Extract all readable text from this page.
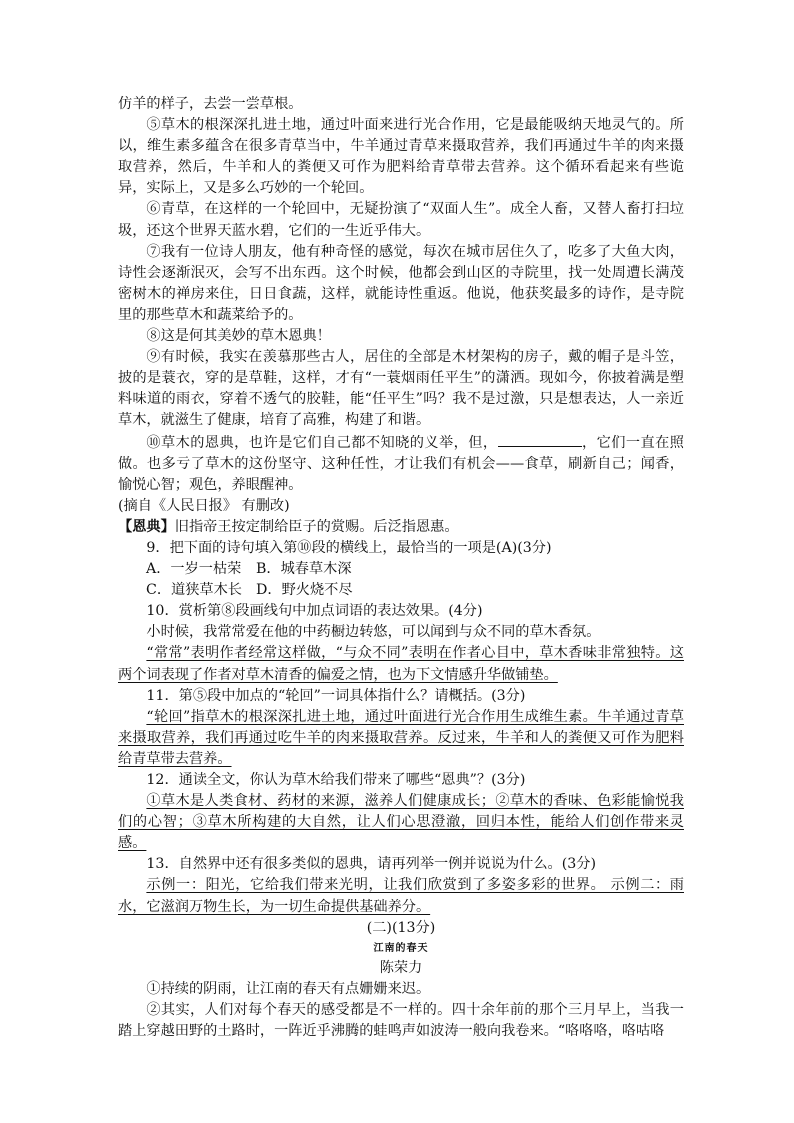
仿羊的样子，去尝一尝草根。

⑤草木的根深深扎进土地，通过叶面来进行光合作用，它是最能吸纳天地灵气的。所以，维生素多蕴含在很多青草当中，牛羊通过青草来摄取营养，我们再通过牛羊的肉来摄取营养，然后，牛羊和人的粪便又可作为肥料给青草带去营养。这个循环看起来有些诡异，实际上，又是多么巧妙的一个轮回。

⑥青草，在这样的一个轮回中，无疑扮演了“双面人生”。成全人畜，又替人畜打扫垃圾，还这个世界天蓝水碧，它们的一生近乎伟大。

⑦我有一位诗人朋友，他有种奇怪的感觉，每次在城市居住久了，吃多了大鱼大肉，诗性会逐渐泯灭，会写不出东西。这个时候，他都会到山区的寺院里，找一处周遭长满茂密树木的禅房来住，日日食蔬，这样，就能诗性重返。他说，他获奖最多的诗作，是寺院里的那些草木和蔬菜给予的。

⑧这是何其美妙的草木恩典！

⑨有时候，我实在羡慕那些古人，居住的全部是木材架构的房子，戴的帽子是斗笠，披的是蓑衣，穿的是草鞋，这样，才有“一蓑烟雨任平生”的潇洒。现如今，你披着满是塑料味道的雨衣，穿着不透气的胶鞋，能“任平生”吗？我不是过激，只是想表达，人一亲近草木，就滋生了健康，培育了高雅，构建了和谐。

⑩草木的恩典，也许是它们自己都不知晓的义举，但，	，它们一直在照做。也多亏了草木的这份坚守、这种任性，才让我们有机会——食草，刷新自己；闻香，愉悦心智；观色，养眼醒神。

(摘自《人民日报》 有删改)

【恩典】旧指帝王按定制给臣子的赏赐。后泛指恩惠。

9．把下面的诗句填入第⑩段的横线上，最恰当的一项是(A)(3分)

A．一岁一枯荣	B．城春草木深
C．道狭草木长 D．野火烧不尽

10．赏析第⑧段画线句中加点词语的表达效果。(4分)

小时候，我常常爱在他的中药橱边转悠，可以闻到与众不同的草木香氛。

“常常”表明作者经常这样做，“与众不同”表明在作者心目中，草木香味非常独特。这两个词表现了作者对草木清香的偏爱之情，也为下文情感升华做铺垫。

11．第⑤段中加点的“轮回”一词具体指什么？请概括。(3分)

“轮回”指草木的根深深扎进土地，通过叶面进行光合作用生成维生素。牛羊通过青草来摄取营养，我们再通过吃牛羊的肉来摄取营养。反过来，牛羊和人的粪便又可作为肥料给青草带去营养。

12．通读全文，你认为草木给我们带来了哪些“恩典”？(3分)

①草木是人类食材、药材的来源，滋养人们健康成长；②草木的香味、色彩能愉悦我们的心智；③草木所构建的大自然，让人们心思澄澈，回归本性，能给人们创作带来灵感。

13．自然界中还有很多类似的恩典，请再列举一例并说说为什么。(3分)

示例一：阳光，它给我们带来光明，让我们欣赏到了多姿多彩的世界。 示例二：雨水，它滋润万物生长，为一切生命提供基础养分。

(二)(13分)

江南的春天

陈荣力

①持续的阴雨，让江南的春天有点姗姗来迟。

②其实，人们对每个春天的感受都是不一样的。四十余年前的那个三月早上，当我一踏上穿越田野的土路时，一阵近乎沸腾的蛙鸣声如波涛一般向我卷来。“咯咯咯，咯咕咯
